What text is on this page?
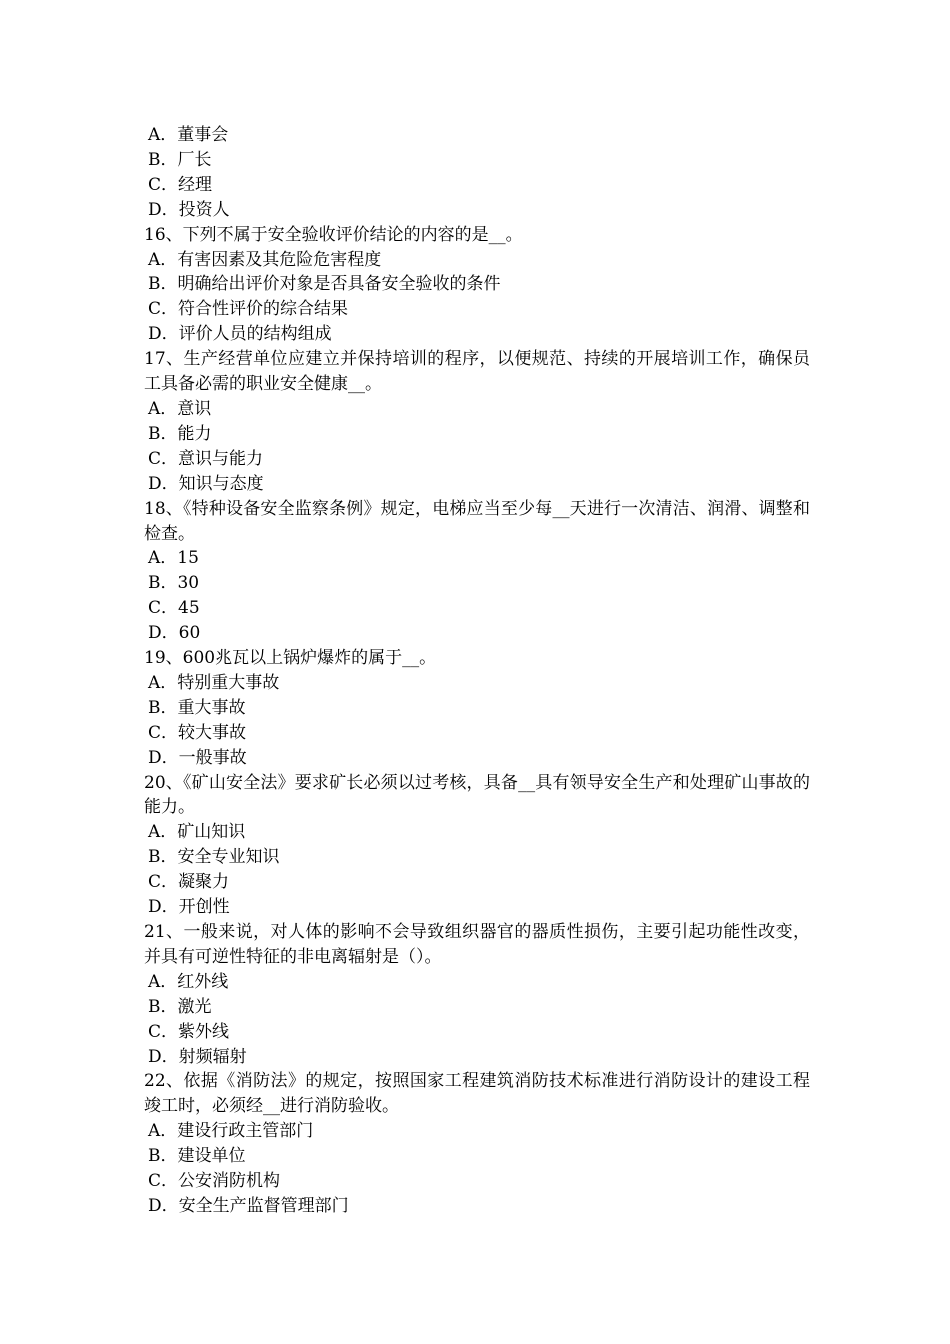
A．董事会
B．厂长
C．经理
D．投资人
16、下列不属于安全验收评价结论的内容的是__。
A．有害因素及其危险危害程度
B．明确给出评价对象是否具备安全验收的条件
C．符合性评价的综合结果
D．评价人员的结构组成
17、生产经营单位应建立并保持培训的程序，以便规范、持续的开展培训工作，确保员工具备必需的职业安全健康__。
A．意识
B．能力
C．意识与能力
D．知识与态度
18、《特种设备安全监察条例》规定，电梯应当至少每__天进行一次清洁、润滑、调整和检查。
A．15
B．30
C．45
D．60
19、600兆瓦以上锅炉爆炸的属于__。
A．特别重大事故
B．重大事故
C．较大事故
D．一般事故
20、《矿山安全法》要求矿长必须以过考核，具备__具有领导安全生产和处理矿山事故的能力。
A．矿山知识
B．安全专业知识
C．凝聚力
D．开创性
21、一般来说，对人体的影响不会导致组织器官的器质性损伤，主要引起功能性改变，并具有可逆性特征的非电离辐射是（）。
A．红外线
B．激光
C．紫外线
D．射频辐射
22、依据《消防法》的规定，按照国家工程建筑消防技术标准进行消防设计的建设工程竣工时，必须经__进行消防验收。
A．建设行政主管部门
B．建设单位
C．公安消防机构
D．安全生产监督管理部门
